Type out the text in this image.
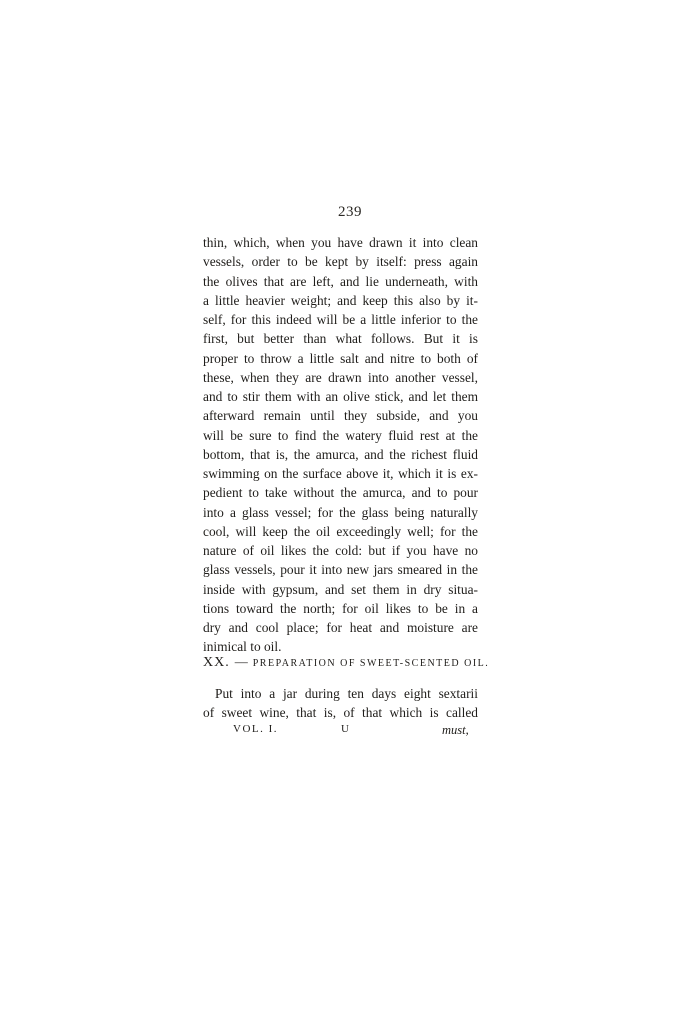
239
thin, which, when you have drawn it into clean
vessels, order to be kept by itself: press again
the olives that are left, and lie underneath, with
a little heavier weight; and keep this also by it-
self, for this indeed will be a little inferior to the
first, but better than what follows. But it is
proper to throw a little salt and nitre to both of
these, when they are drawn into another vessel,
and to stir them with an olive stick, and let them
afterward remain until they subside, and you
will be sure to find the watery fluid rest at the
bottom, that is, the amurca, and the richest fluid
swimming on the surface above it, which it is ex-
pedient to take without the amurca, and to pour
into a glass vessel; for the glass being naturally
cool, will keep the oil exceedingly well; for the
nature of oil likes the cold: but if you have no
glass vessels, pour it into new jars smeared in the
inside with gypsum, and set them in dry situa-
tions toward the north; for oil likes to be in a
dry and cool place; for heat and moisture are
inimical to oil.
XX. — PREPARATION OF SWEET-SCENTED OIL.
Put into a jar during ten days eight sextarii
of sweet wine, that is, of that which is called
VOL. I.	U	must,
